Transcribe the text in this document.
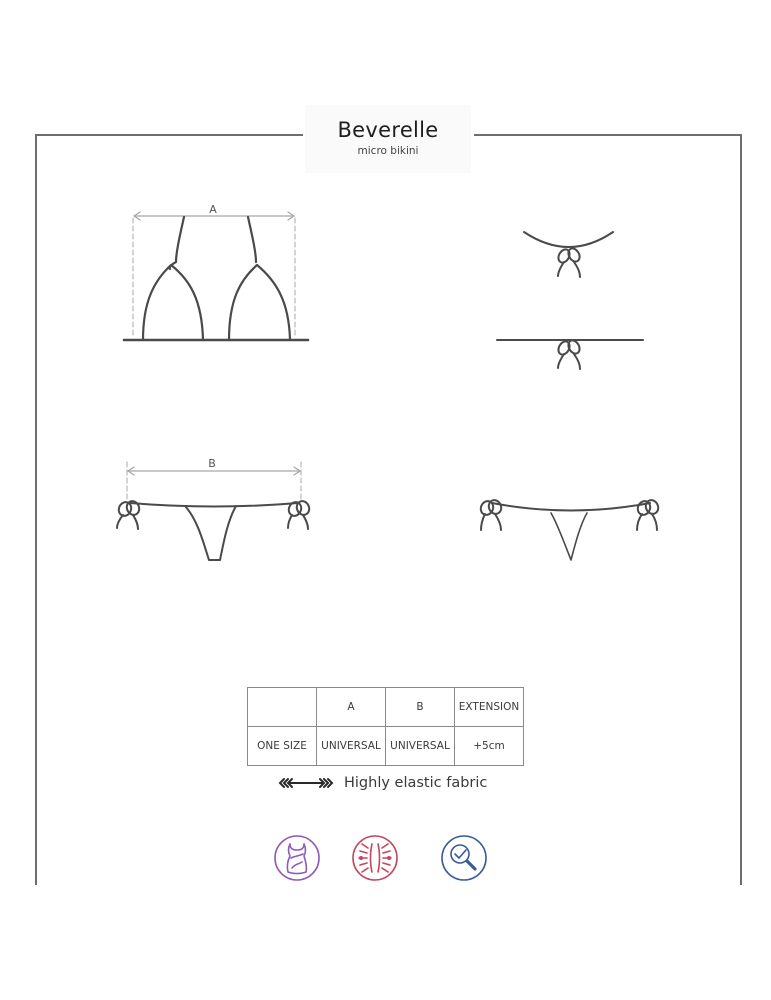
Beverelle
micro bikini
A
B
	A	B	EXTENSION
ONE SIZE	UNIVERSAL	UNIVERSAL	+5cm
Highly elastic fabric
